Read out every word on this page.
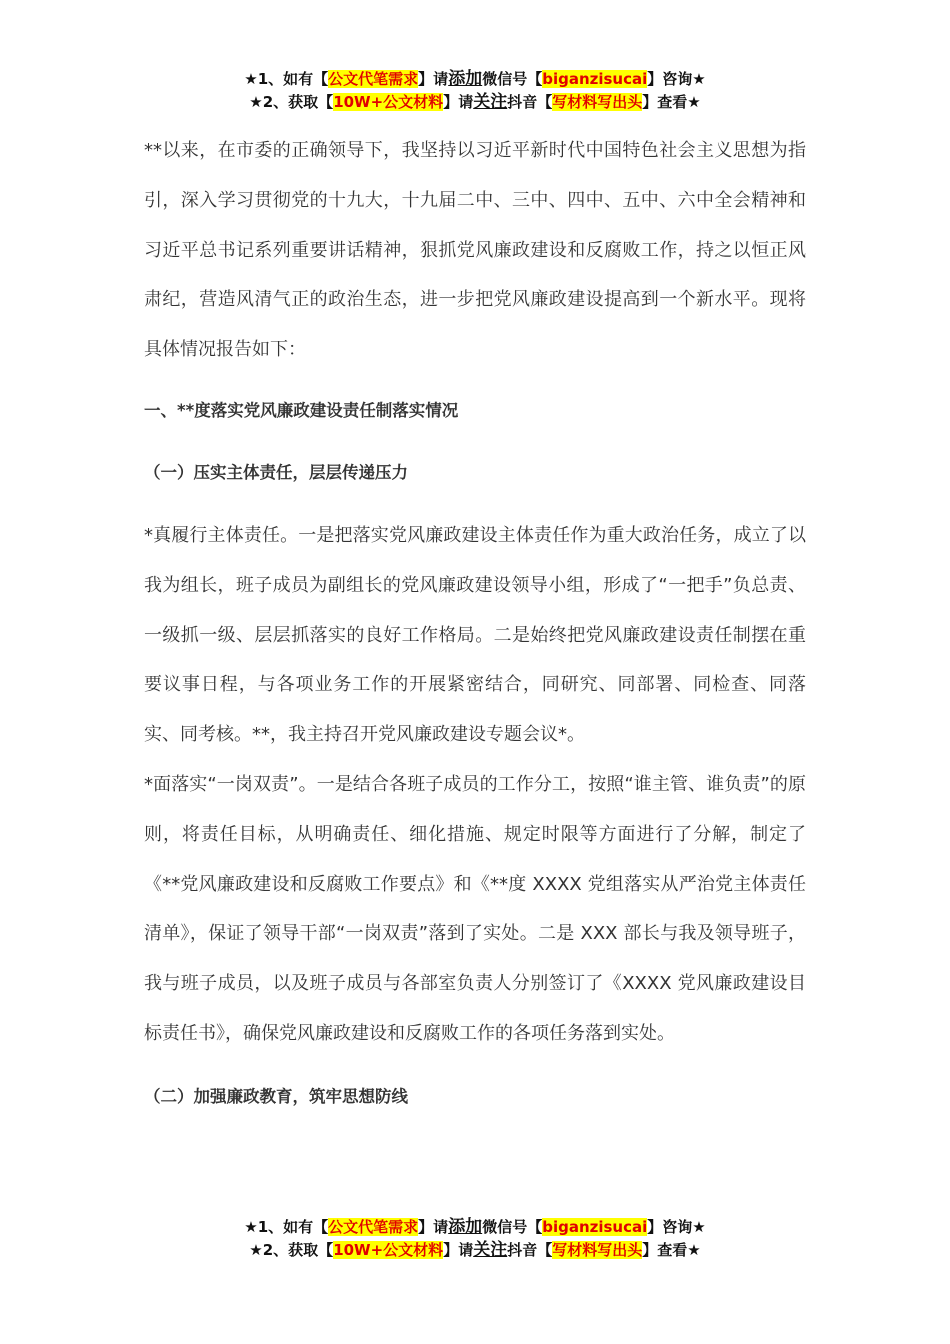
★1、如有【公文代笔需求】请添加微信号【biganzisucai】咨询★
★2、获取【10W+公文材料】请关注抖音【写材料写出头】查看★

**以来，在市委的正确领导下，我坚持以习近平新时代中国特色社会主义思想为指引，深入学习贯彻党的十九大，十九届二中、三中、四中、五中、六中全会精神和习近平总书记系列重要讲话精神，狠抓党风廉政建设和反腐败工作，持之以恒正风肃纪，营造风清气正的政治生态，进一步把党风廉政建设提高到一个新水平。现将具体情况报告如下：

一、**度落实党风廉政建设责任制落实情况

（一）压实主体责任，层层传递压力

*真履行主体责任。一是把落实党风廉政建设主体责任作为重大政治任务，成立了以我为组长，班子成员为副组长的党风廉政建设领导小组，形成了“一把手”负总责、一级抓一级、层层抓落实的良好工作格局。二是始终把党风廉政建设责任制摆在重要议事日程，与各项业务工作的开展紧密结合，同研究、同部署、同检查、同落实、同考核。**，我主持召开党风廉政建设专题会议*。

*面落实“一岗双责”。一是结合各班子成员的工作分工，按照“谁主管、谁负责”的原则，将责任目标，从明确责任、细化措施、规定时限等方面进行了分解，制定了《**党风廉政建设和反腐败工作要点》和《**度 XXXX 党组落实从严治党主体责任清单》，保证了领导干部“一岗双责”落到了实处。二是 XXX 部长与我及领导班子，我与班子成员，以及班子成员与各部室负责人分别签订了《XXXX 党风廉政建设目标责任书》，确保党风廉政建设和反腐败工作的各项任务落到实处。

（二）加强廉政教育，筑牢思想防线

★1、如有【公文代笔需求】请添加微信号【biganzisucai】咨询★
★2、获取【10W+公文材料】请关注抖音【写材料写出头】查看★
